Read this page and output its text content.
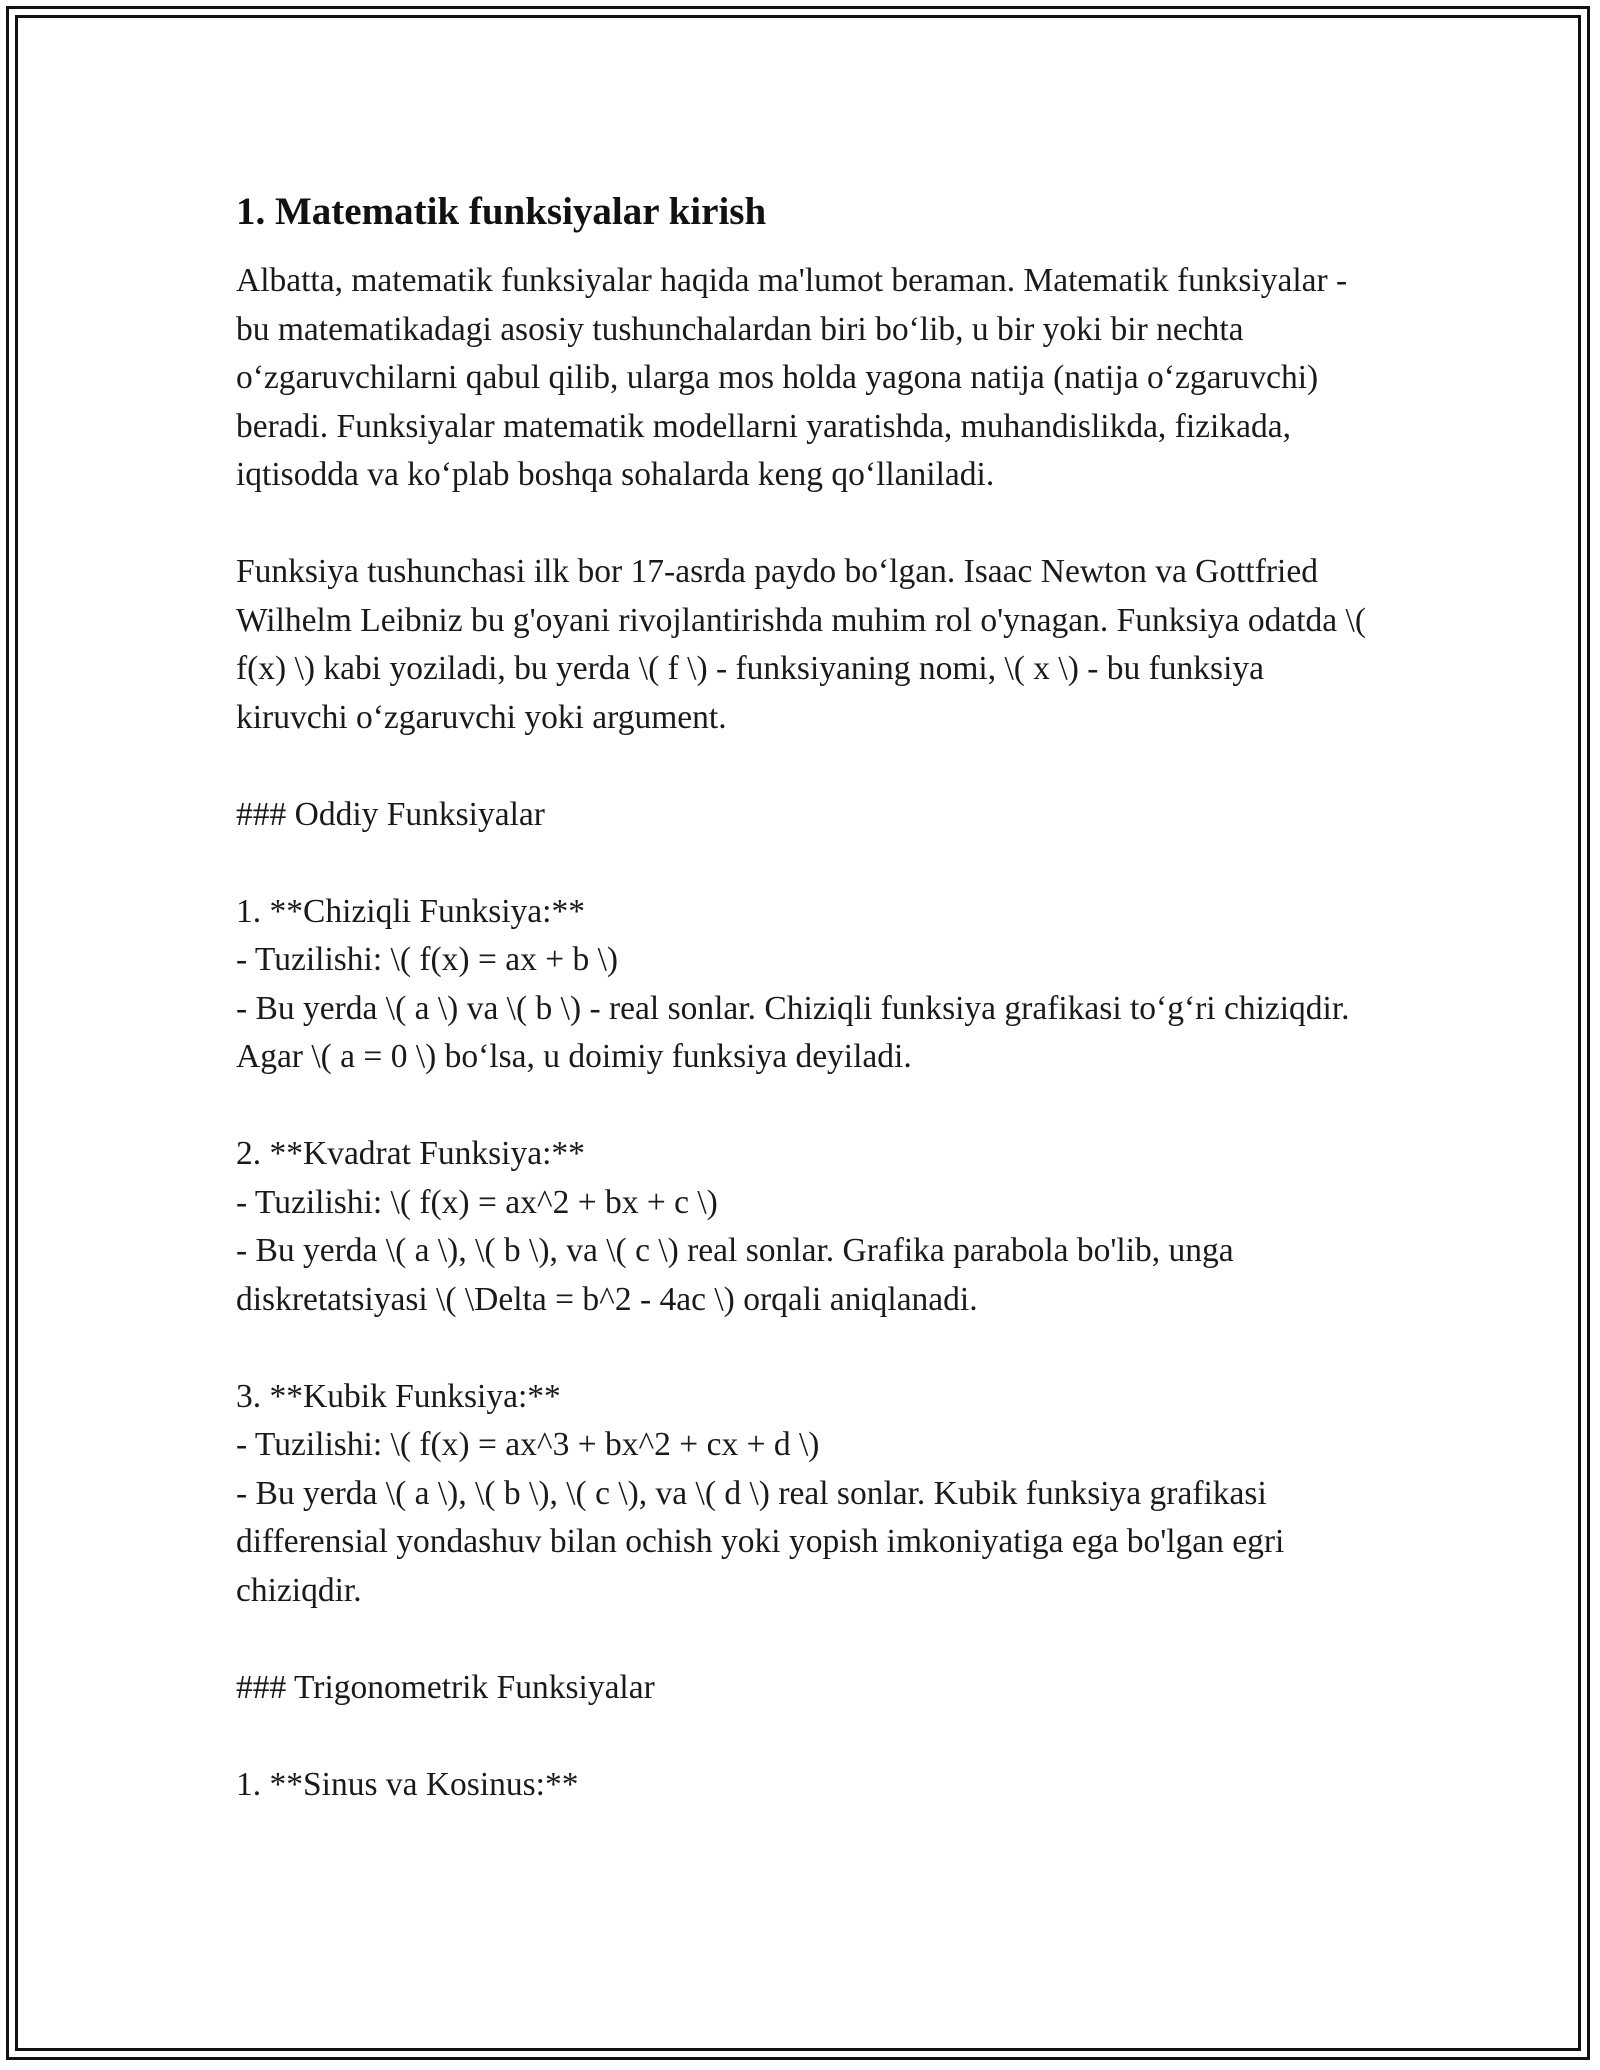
1. Matematik funksiyalar kirish

Albatta, matematik funksiyalar haqida ma'lumot beraman. Matematik funksiyalar - bu matematikadagi asosiy tushunchalardan biri bo‘lib, u bir yoki bir nechta o‘zgaruvchilarni qabul qilib, ularga mos holda yagona natija (natija o‘zgaruvchi) beradi. Funksiyalar matematik modellarni yaratishda, muhandislikda, fizikada, iqtisodda va ko‘plab boshqa sohalarda keng qo‘llaniladi.

Funksiya tushunchasi ilk bor 17-asrda paydo bo‘lgan. Isaac Newton va Gottfried Wilhelm Leibniz bu g'oyani rivojlantirishda muhim rol o'ynagan. Funksiya odatda \( f(x) \) kabi yoziladi, bu yerda \( f \) - funksiyaning nomi, \( x \) - bu funksiya kiruvchi o‘zgaruvchi yoki argument.

### Oddiy Funksiyalar

1. **Chiziqli Funksiya:**
- Tuzilishi: \( f(x) = ax + b \)
- Bu yerda \( a \) va \( b \) - real sonlar. Chiziqli funksiya grafikasi to‘g‘ri chiziqdir. Agar \( a = 0 \) bo‘lsa, u doimiy funksiya deyiladi.

2. **Kvadrat Funksiya:**
- Tuzilishi: \( f(x) = ax^2 + bx + c \)
- Bu yerda \( a \), \( b \), va \( c \) real sonlar. Grafika parabola bo'lib, unga diskretatsiyasi \( \Delta = b^2 - 4ac \) orqali aniqlanadi.

3. **Kubik Funksiya:**
- Tuzilishi: \( f(x) = ax^3 + bx^2 + cx + d \)
- Bu yerda \( a \), \( b \), \( c \), va \( d \) real sonlar. Kubik funksiya grafikasi differensial yondashuv bilan ochish yoki yopish imkoniyatiga ega bo'lgan egri chiziqdir.

### Trigonometrik Funksiyalar

1. **Sinus va Kosinus:**
